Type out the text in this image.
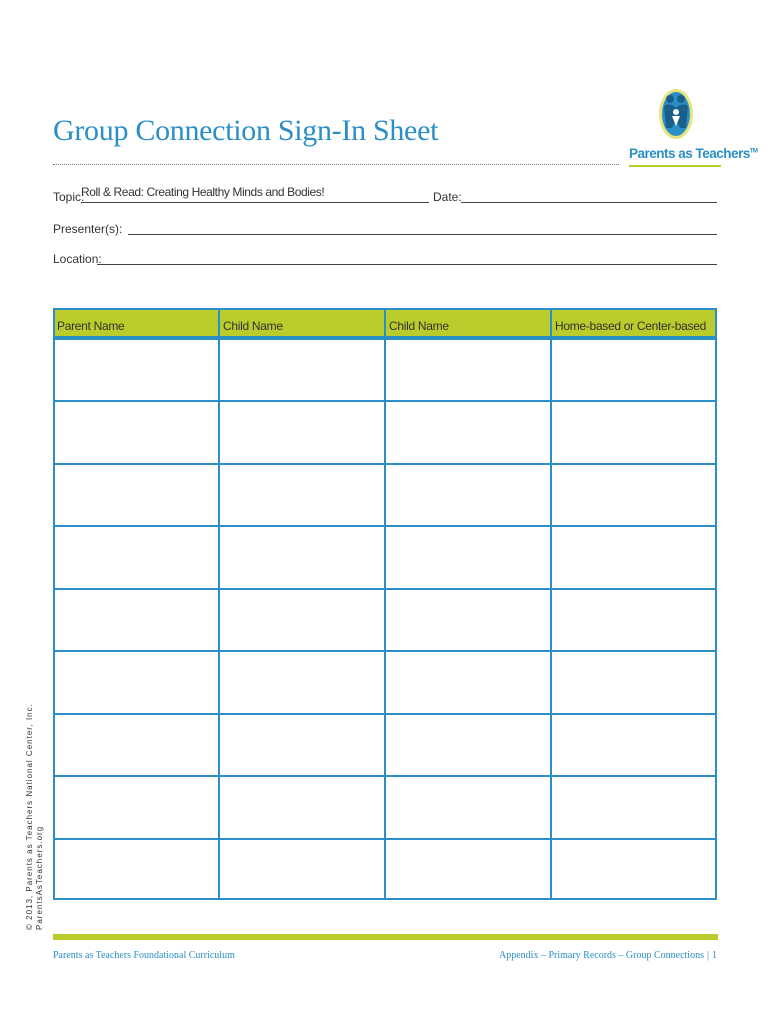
Group Connection Sign-In Sheet
Parents as Teachers™
Topic:
Roll & Read: Creating Healthy Minds and Bodies!	Date:
Presenter(s):
Location:
Parent Name	Child Name	Child Name	Home-based or Center-based
© 2013, Parents as Teachers National Center, Inc. ParentsAsTeachers.org
Parents as Teachers Foundational Curriculum	Appendix – Primary Records – Group Connections | 1
